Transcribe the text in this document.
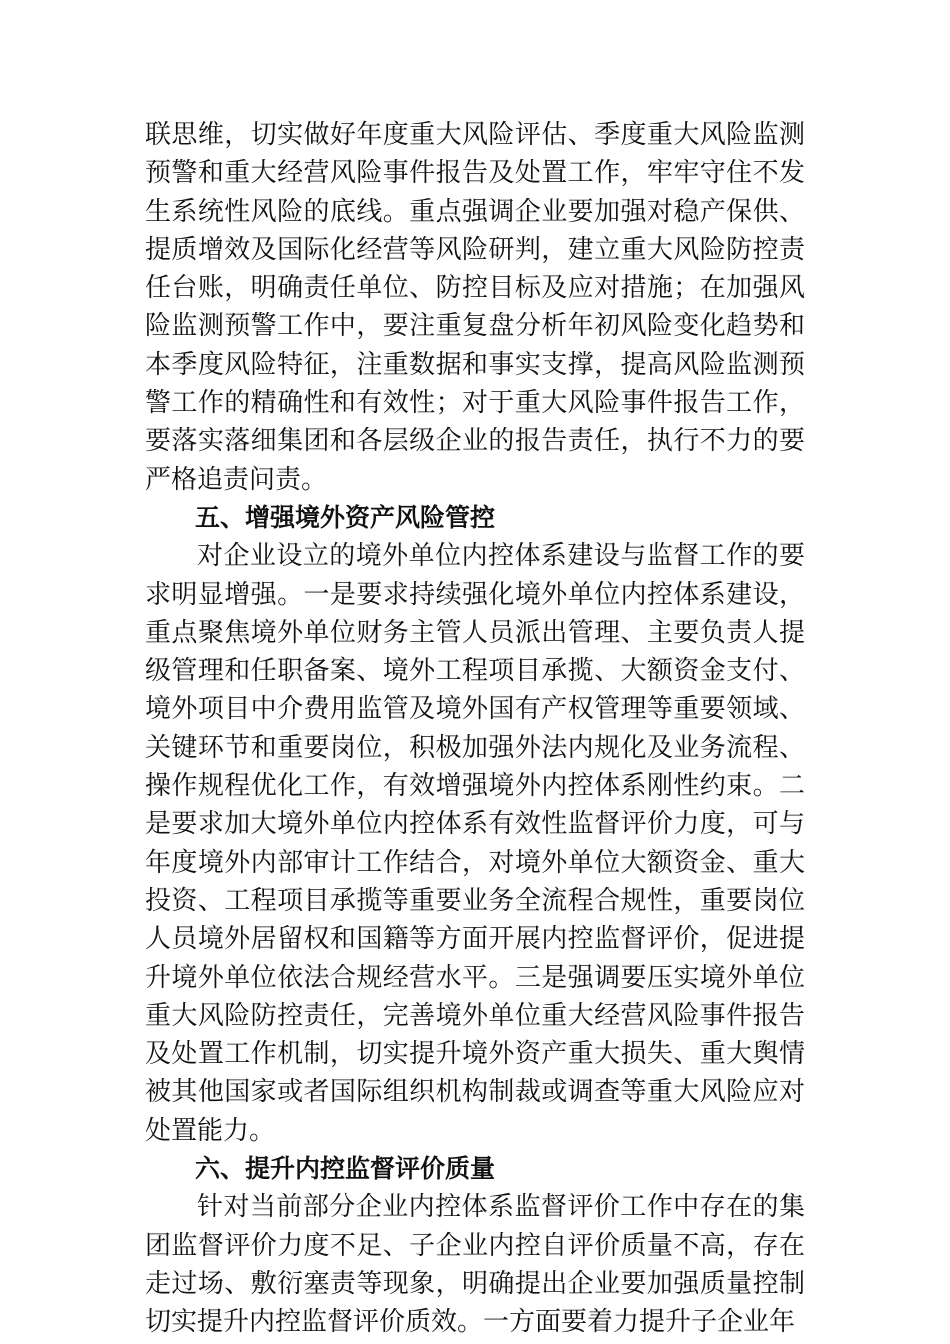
联思维，切实做好年度重大风险评估、季度重大风险监测预警和重大经营风险事件报告及处置工作，牢牢守住不发生系统性风险的底线。重点强调企业要加强对稳产保供、提质增效及国际化经营等风险研判，建立重大风险防控责任台账，明确责任单位、防控目标及应对措施；在加强风险监测预警工作中，要注重复盘分析年初风险变化趋势和本季度风险特征，注重数据和事实支撑，提高风险监测预警工作的精确性和有效性；对于重大风险事件报告工作，要落实落细集团和各层级企业的报告责任，执行不力的要严格追责问责。

五、增强境外资产风险管控

对企业设立的境外单位内控体系建设与监督工作的要求明显增强。一是要求持续强化境外单位内控体系建设，重点聚焦境外单位财务主管人员派出管理、主要负责人提级管理和任职备案、境外工程项目承揽、大额资金支付、境外项目中介费用监管及境外国有产权管理等重要领域、关键环节和重要岗位，积极加强外法内规化及业务流程、操作规程优化工作，有效增强境外内控体系刚性约束。二是要求加大境外单位内控体系有效性监督评价力度，可与年度境外内部审计工作结合，对境外单位大额资金、重大投资、工程项目承揽等重要业务全流程合规性，重要岗位人员境外居留权和国籍等方面开展内控监督评价，促进提升境外单位依法合规经营水平。三是强调要压实境外单位重大风险防控责任，完善境外单位重大经营风险事件报告及处置工作机制，切实提升境外资产重大损失、重大舆情被其他国家或者国际组织机构制裁或调查等重大风险应对处置能力。

六、提升内控监督评价质量

针对当前部分企业内控体系监督评价工作中存在的集团监督评价力度不足、子企业内控自评价质量不高，存在走过场、敷衍塞责等现象，明确提出企业要加强质量控制切实提升内控监督评价质效。一方面要着力提升子企业年
